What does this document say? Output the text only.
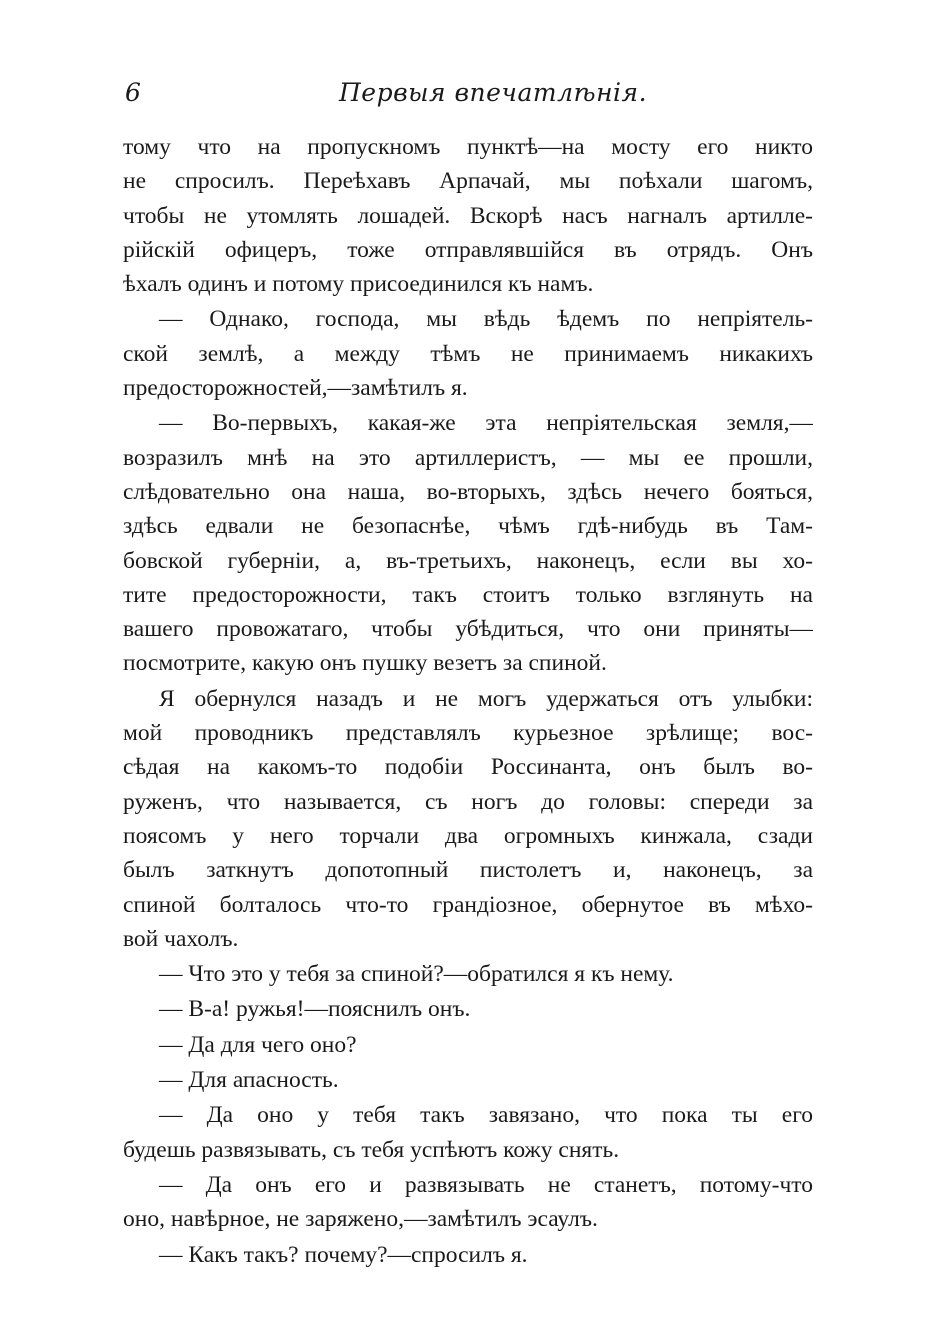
6	Первыя впечатлѣнія.

тому что на пропускномъ пунктѣ—на мосту его никто
не спросилъ. Переѣхавъ Арпачай, мы поѣхали шагомъ,
чтобы не утомлять лошадей. Вскорѣ насъ нагналъ артилле-
рійскій офицеръ, тоже отправлявшійся въ отрядъ. Онъ
ѣхалъ одинъ и потому присоединился къ намъ.

— Однако, господа, мы вѣдь ѣдемъ по непріятель-
ской землѣ, а между тѣмъ не принимаемъ никакихъ
предосторожностей,—замѣтилъ я.

— Во-первыхъ, какая-же эта непріятельская земля,—
возразилъ мнѣ на это артиллеристъ, — мы ее прошли,
слѣдовательно она наша, во-вторыхъ, здѣсь нечего бояться,
здѣсь едвали не безопаснѣе, чѣмъ гдѣ-нибудь въ Там-
бовской губерніи, а, въ-третьихъ, наконецъ, если вы хо-
тите предосторожности, такъ стоитъ только взглянуть на
вашего провожатаго, чтобы убѣдиться, что они приняты—
посмотрите, какую онъ пушку везетъ за спиной.

Я обернулся назадъ и не могъ удержаться отъ улыбки:
мой проводникъ представлялъ курьезное зрѣлище; вос-
сѣдая на какомъ-то подобіи Россинанта, онъ былъ во-
руженъ, что называется, съ ногъ до головы: спереди за
поясомъ у него торчали два огромныхъ кинжала, сзади
былъ заткнутъ допотопный пистолетъ и, наконецъ, за
спиной болталось что-то грандіозное, обернутое въ мѣхо-
вой чахолъ.

— Что это у тебя за спиной?—обратился я къ нему.

— В-а! ружья!—пояснилъ онъ.

— Да для чего оно?

— Для апасность.

— Да оно у тебя такъ завязано, что пока ты его
будешь развязывать, съ тебя успѣютъ кожу снять.

— Да онъ его и развязывать не станетъ, потому-что
оно, навѣрное, не заряжено,—замѣтилъ эсаулъ.

— Какъ такъ? почему?—спросилъ я.
